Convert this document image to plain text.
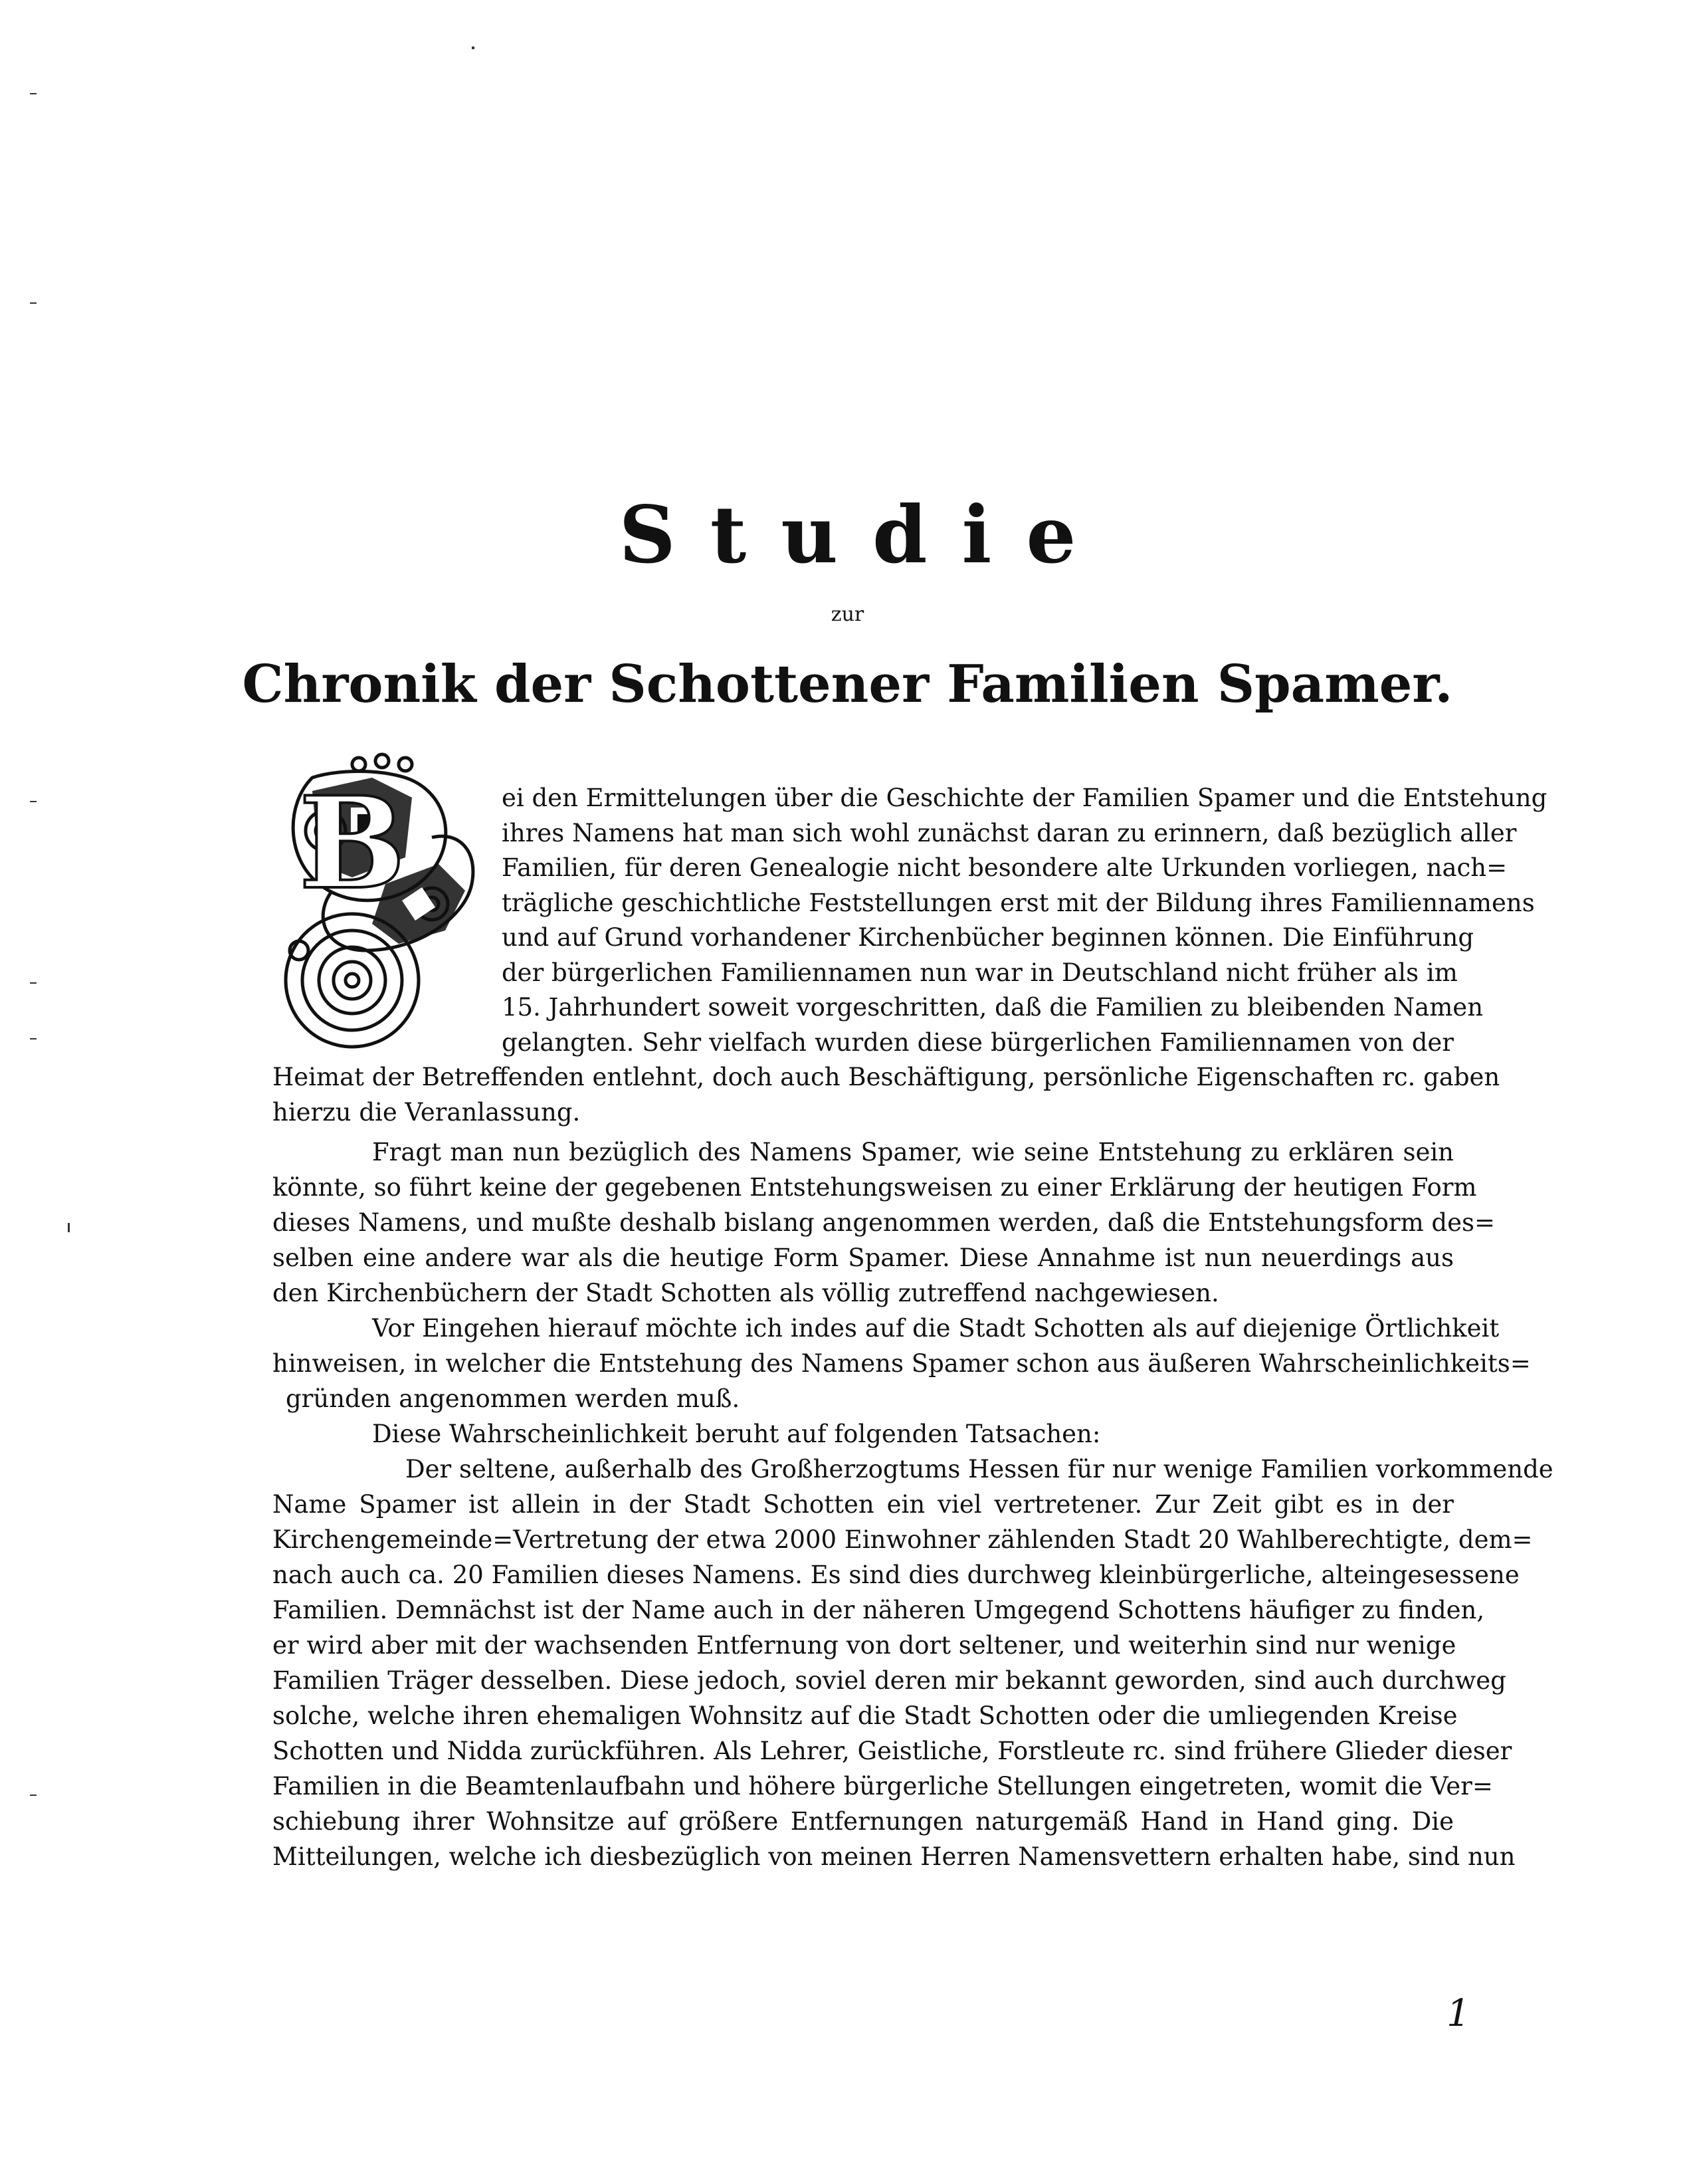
Studie
zur
Chronik der Schottener Familien Spamer.
B	ei den Ermittelungen über die Geschichte der Familien Spamer und die Entstehung
ihres Namens hat man sich wohl zunächst daran zu erinnern, daß bezüglich aller
Familien, für deren Genealogie nicht besondere alte Urkunden vorliegen, nach=
trägliche geschichtliche Feststellungen erst mit der Bildung ihres Familiennamens
und auf Grund vorhandener Kirchenbücher beginnen können. Die Einführung
der bürgerlichen Familiennamen nun war in Deutschland nicht früher als im
15. Jahrhundert soweit vorgeschritten, daß die Familien zu bleibenden Namen
gelangten. Sehr vielfach wurden diese bürgerlichen Familiennamen von der
Heimat der Betreffenden entlehnt, doch auch Beschäftigung, persönliche Eigenschaften rc. gaben
hierzu die Veranlassung.
Fragt man nun bezüglich des Namens Spamer, wie seine Entstehung zu erklären sein
könnte, so führt keine der gegebenen Entstehungsweisen zu einer Erklärung der heutigen Form
dieses Namens, und mußte deshalb bislang angenommen werden, daß die Entstehungsform des=
selben eine andere war als die heutige Form Spamer. Diese Annahme ist nun neuerdings aus
den Kirchenbüchern der Stadt Schotten als völlig zutreffend nachgewiesen.
Vor Eingehen hierauf möchte ich indes auf die Stadt Schotten als auf diejenige Örtlichkeit
hinweisen, in welcher die Entstehung des Namens Spamer schon aus äußeren Wahrscheinlichkeits=
gründen angenommen werden muß.
Diese Wahrscheinlichkeit beruht auf folgenden Tatsachen:
Der seltene, außerhalb des Großherzogtums Hessen für nur wenige Familien vorkommende
Name Spamer ist allein in der Stadt Schotten ein viel vertretener. Zur Zeit gibt es in der
Kirchengemeinde=Vertretung der etwa 2000 Einwohner zählenden Stadt 20 Wahlberechtigte, dem=
nach auch ca. 20 Familien dieses Namens. Es sind dies durchweg kleinbürgerliche, alteingesessene
Familien. Demnächst ist der Name auch in der näheren Umgegend Schottens häufiger zu finden,
er wird aber mit der wachsenden Entfernung von dort seltener, und weiterhin sind nur wenige
Familien Träger desselben. Diese jedoch, soviel deren mir bekannt geworden, sind auch durchweg
solche, welche ihren ehemaligen Wohnsitz auf die Stadt Schotten oder die umliegenden Kreise
Schotten und Nidda zurückführen. Als Lehrer, Geistliche, Forstleute rc. sind frühere Glieder dieser
Familien in die Beamtenlaufbahn und höhere bürgerliche Stellungen eingetreten, womit die Ver=
schiebung ihrer Wohnsitze auf größere Entfernungen naturgemäß Hand in Hand ging. Die
Mitteilungen, welche ich diesbezüglich von meinen Herren Namensvettern erhalten habe, sind nun
1
